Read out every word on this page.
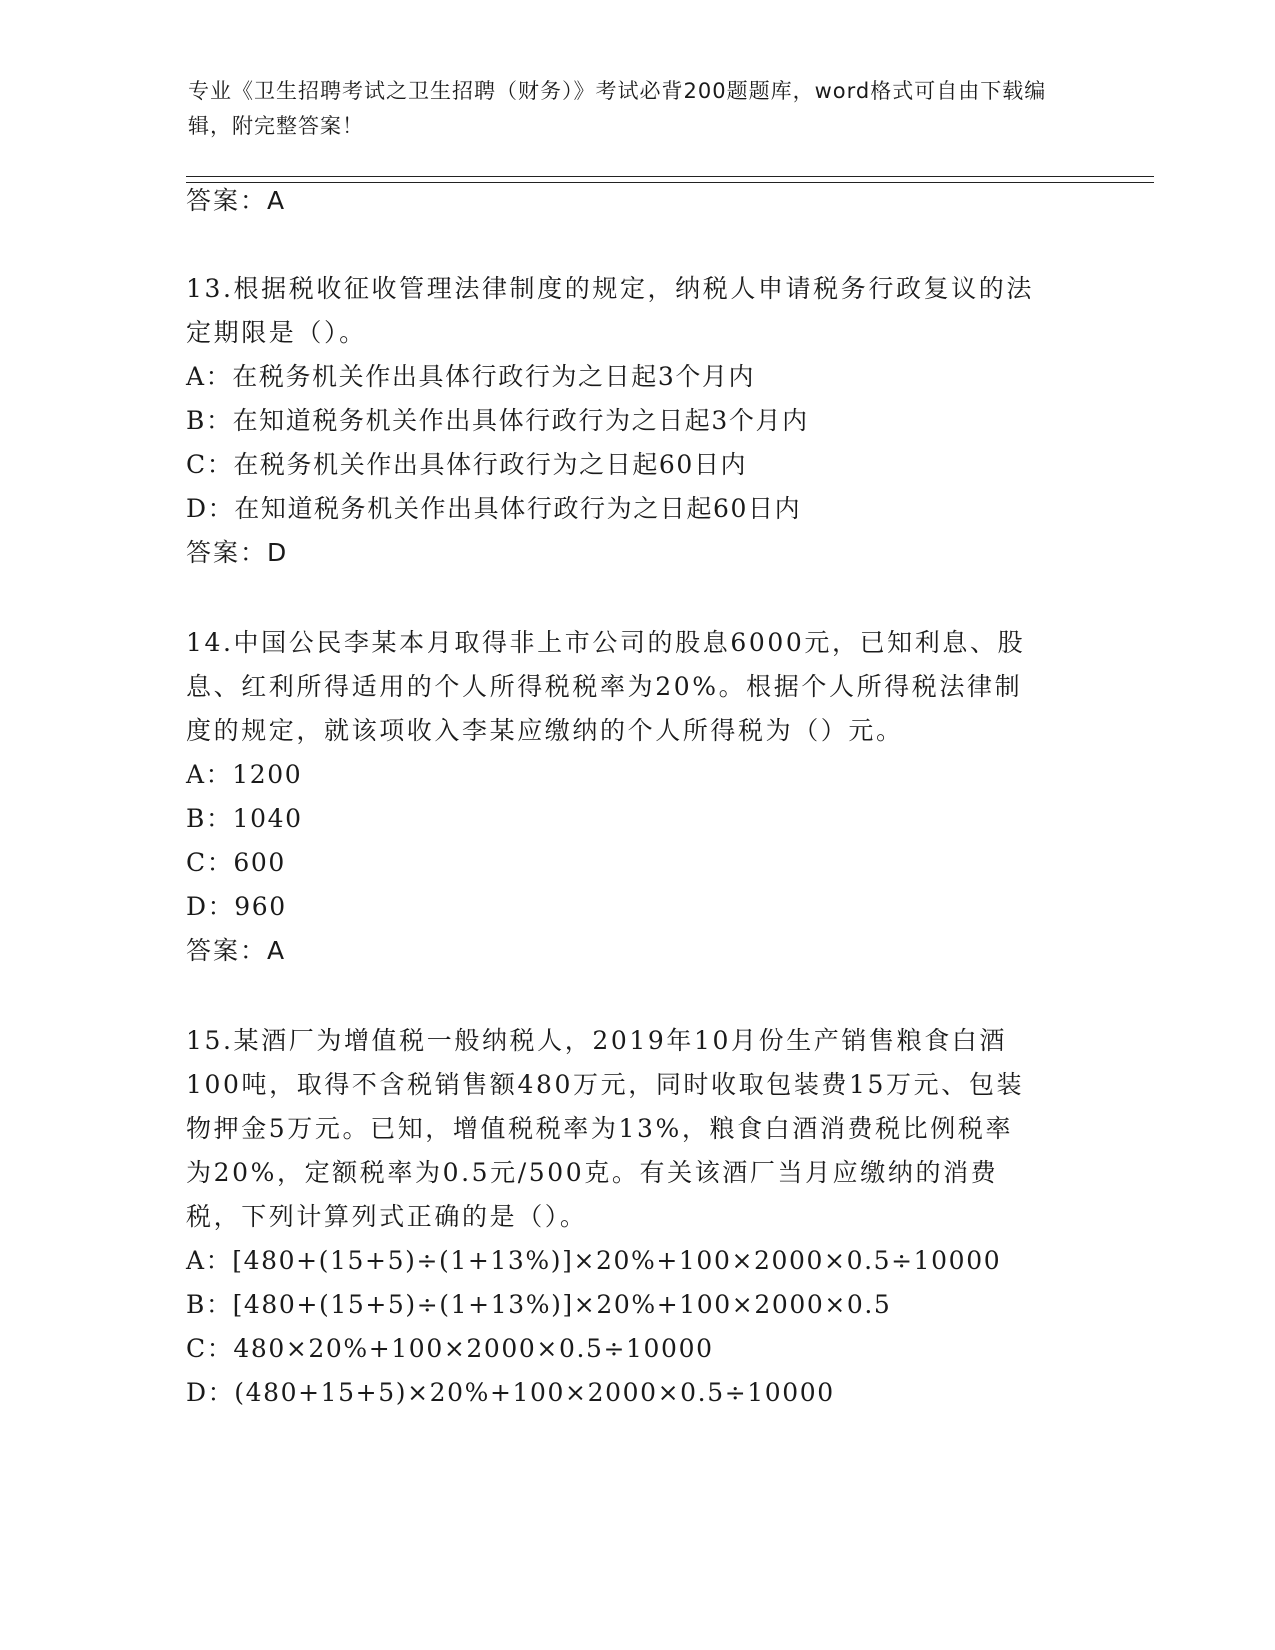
专业《卫生招聘考试之卫生招聘（财务）》考试必背200题题库，word格式可自由下载编辑，附完整答案！
答案：A
13.根据税收征收管理法律制度的规定，纳税人申请税务行政复议的法
定期限是（）。
A：在税务机关作出具体行政行为之日起3个月内
B：在知道税务机关作出具体行政行为之日起3个月内
C：在税务机关作出具体行政行为之日起60日内
D：在知道税务机关作出具体行政行为之日起60日内
答案：D
14.中国公民李某本月取得非上市公司的股息6000元，已知利息、股
息、红利所得适用的个人所得税税率为20%。根据个人所得税法律制
度的规定，就该项收入李某应缴纳的个人所得税为（）元。
A：1200
B：1040
C：600
D：960
答案：A
15.某酒厂为增值税一般纳税人，2019年10月份生产销售粮食白酒
100吨，取得不含税销售额480万元，同时收取包装费15万元、包装
物押金5万元。已知，增值税税率为13%，粮食白酒消费税比例税率
为20%，定额税率为0.5元/500克。有关该酒厂当月应缴纳的消费
税，下列计算列式正确的是（）。
A：[480+(15+5)÷(1+13%)]×20%+100×2000×0.5÷10000
B：[480+(15+5)÷(1+13%)]×20%+100×2000×0.5
C：480×20%+100×2000×0.5÷10000
D：(480+15+5)×20%+100×2000×0.5÷10000
